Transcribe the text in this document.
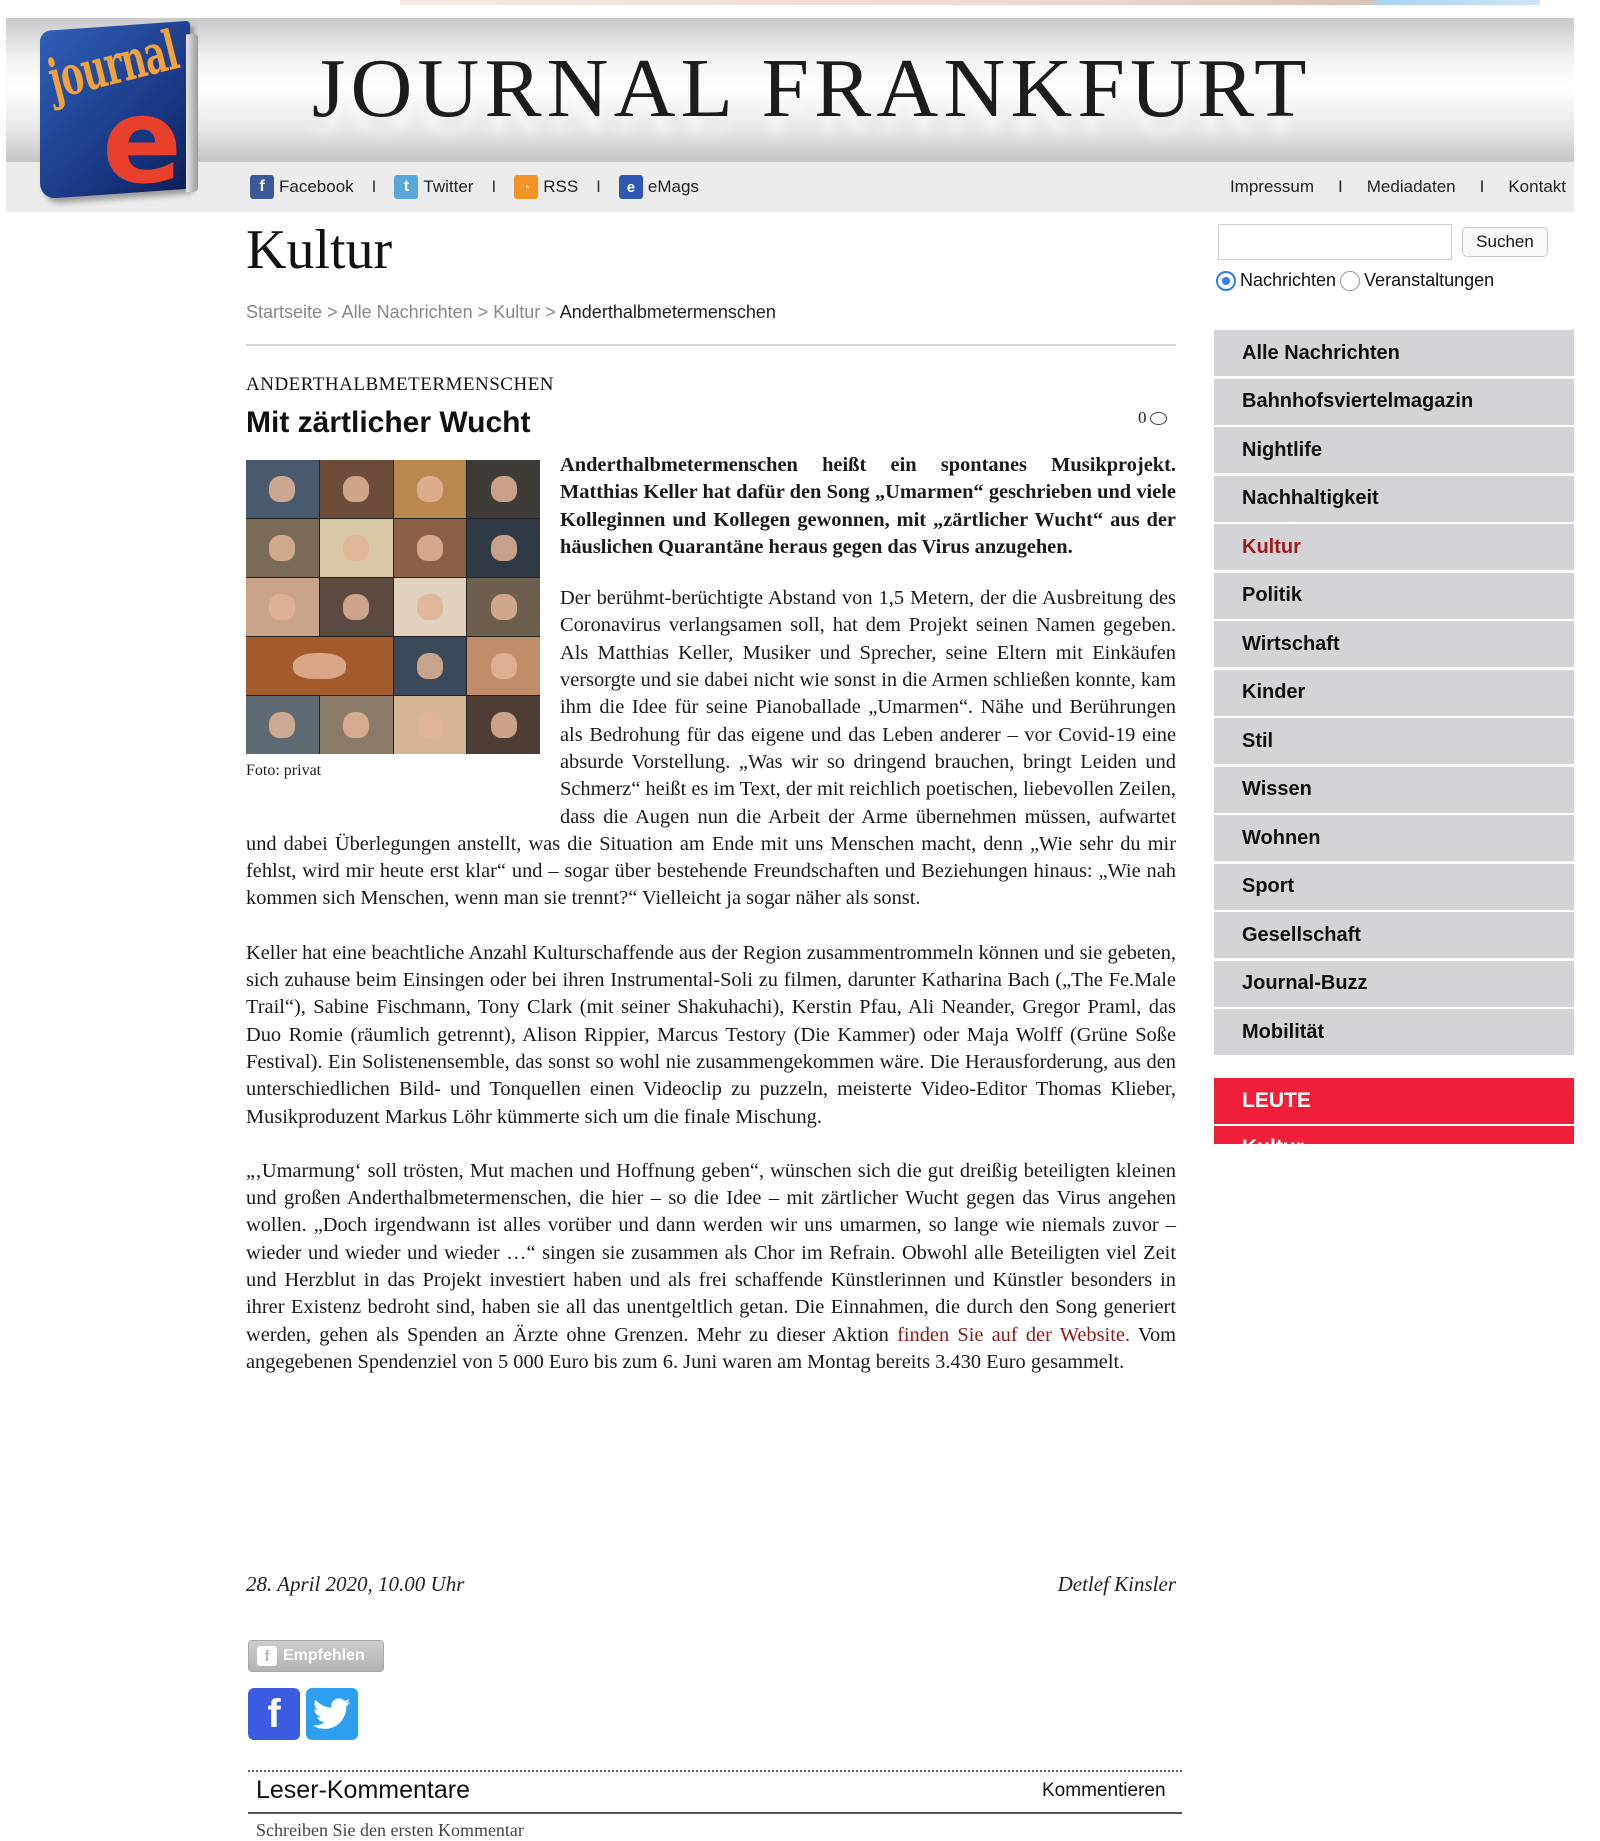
journal
e JOURNAL FRANKFURT
f Facebook I	t Twitter I	◔ RSS I	e eMags	Impressum I Mediadaten I Kontakt
Kultur
Startseite > Alle Nachrichten > Kultur > Anderthalbmetermenschen
ANDERTHALBMETERMENSCHEN
Mit zärtlicher Wucht	0
Foto: privat

Anderthalbmetermenschen heißt ein spontanes Musikprojekt. Matthias Keller hat dafür den Song „Umarmen“ geschrieben und viele Kolleginnen und Kollegen gewonnen, mit „zärtlicher Wucht“ aus der häuslichen Quarantäne heraus gegen das Virus anzugehen.

Der berühmt-berüchtigte Abstand von 1,5 Metern, der die Ausbreitung des Coronavirus verlangsamen soll, hat dem Projekt seinen Namen gegeben. Als Matthias Keller, Musiker und Sprecher, seine Eltern mit Einkäufen versorgte und sie dabei nicht wie sonst in die Armen schließen konnte, kam ihm die Idee für seine Pianoballade „Umarmen“. Nähe und Berührungen als Bedrohung für das eigene und das Leben anderer – vor Covid-19 eine absurde Vorstellung. „Was wir so dringend brauchen, bringt Leiden und Schmerz“ heißt es im Text, der mit reichlich poetischen, liebevollen Zeilen, dass die Augen nun die Arbeit der Arme übernehmen müssen, aufwartet und dabei Überlegungen anstellt, was die Situation am Ende mit uns Menschen macht, denn „Wie sehr du mir fehlst, wird mir heute erst klar“ und – sogar über bestehende Freundschaften und Beziehungen hinaus: „Wie nah kommen sich Menschen, wenn man sie trennt?“ Vielleicht ja sogar näher als sonst.

Keller hat eine beachtliche Anzahl Kulturschaffende aus der Region zusammentrommeln können und sie gebeten, sich zuhause beim Einsingen oder bei ihren Instrumental-Soli zu filmen, darunter Katharina Bach („The Fe.Male Trail“), Sabine Fischmann, Tony Clark (mit seiner Shakuhachi), Kerstin Pfau, Ali Neander, Gregor Praml, das Duo Romie (räumlich getrennt), Alison Rippier, Marcus Testory (Die Kammer) oder Maja Wolff (Grüne Soße Festival). Ein Solistenensemble, das sonst so wohl nie zusammengekommen wäre. Die Herausforderung, aus den unterschiedlichen Bild- und Tonquellen einen Videoclip zu puzzeln, meisterte Video-Editor Thomas Klieber, Musikproduzent Markus Löhr kümmerte sich um die finale Mischung.

„‚Umarmung‘ soll trösten, Mut machen und Hoffnung geben“, wünschen sich die gut dreißig beteiligten kleinen und großen Anderthalbmetermenschen, die hier – so die Idee – mit zärtlicher Wucht gegen das Virus angehen wollen. „Doch irgendwann ist alles vorüber und dann werden wir uns umarmen, so lange wie niemals zuvor – wieder und wieder und wieder …“ singen sie zusammen als Chor im Refrain. Obwohl alle Beteiligten viel Zeit und Herzblut in das Projekt investiert haben und als frei schaffende Künstlerinnen und Künstler besonders in ihrer Existenz bedroht sind, haben sie all das unentgeltlich getan. Die Einnahmen, die durch den Song generiert werden, gehen als Spenden an Ärzte ohne Grenzen. Mehr zu dieser Aktion finden Sie auf der Website. Vom angegebenen Spendenziel von 5 000 Euro bis zum 6. Juni waren am Montag bereits 3.430 Euro gesammelt.

28. April 2020, 10.00 Uhr	Detlef Kinsler
f Empfehlen
f
Leser-Kommentare	Kommentieren
Schreiben Sie den ersten Kommentar
Suchen
Nachrichten Veranstaltungen
Alle Nachrichten
Bahnhofsviertelmagazin
Nightlife
Nachhaltigkeit
Kultur
Politik
Wirtschaft
Kinder
Stil
Wissen
Wohnen
Sport
Gesellschaft
Journal-Buzz
Mobilität
LEUTE
Kultur
